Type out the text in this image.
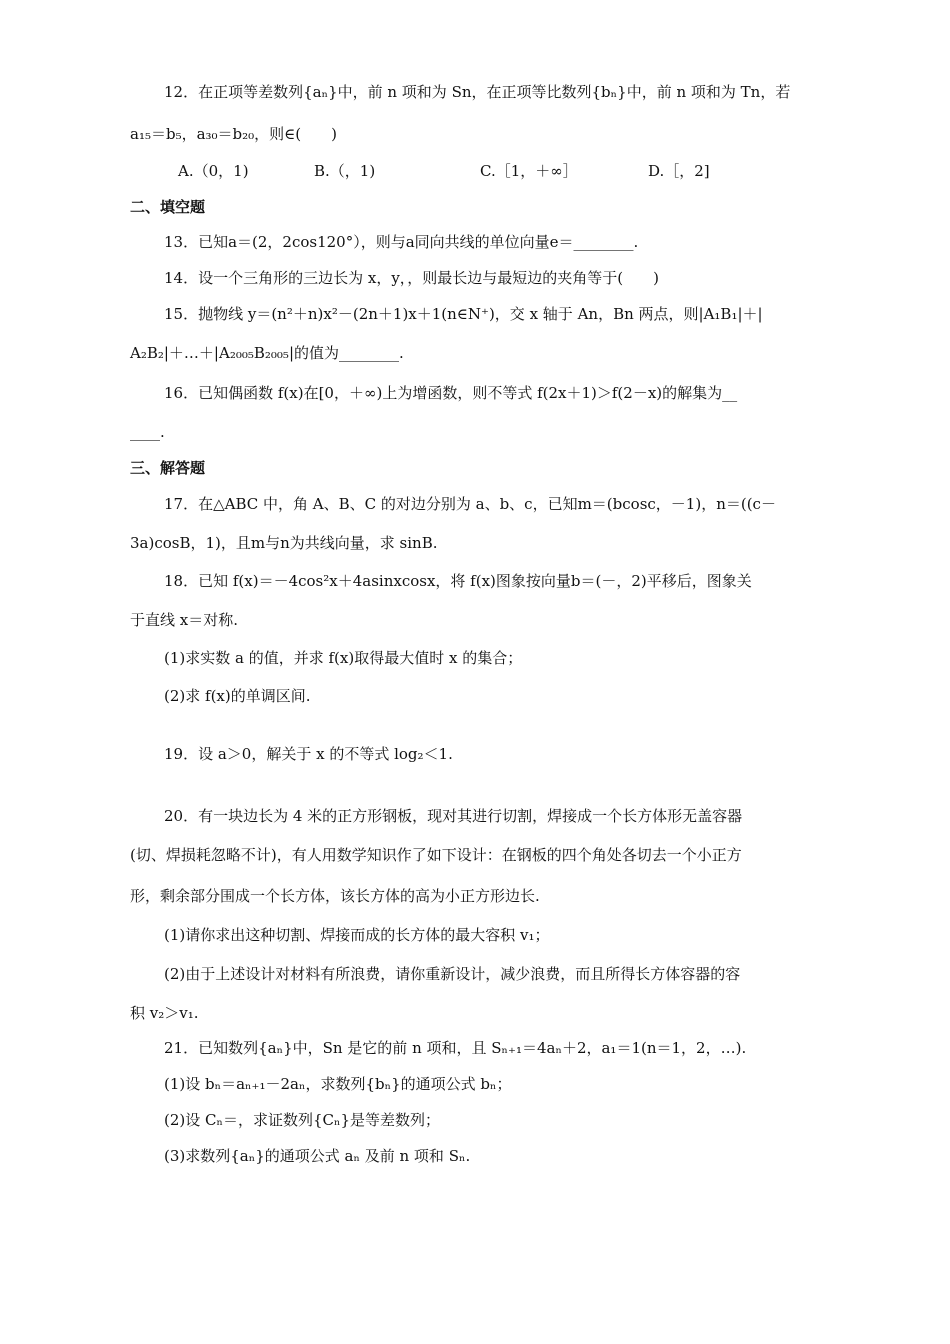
12．在正项等差数列{aₙ}中，前 n 项和为 Sn，在正项等比数列{bₙ}中，前 n 项和为 Tn，若
a₁₅＝b₅，a₃₀＝b₂₀，则∈(　　)
A.（0，1)	B.（，1)	C.［1，＋∞］	D.［，2]
二、填空题
13．已知a＝(2，2cos120°），则与a同向共线的单位向量e＝________.
14．设一个三角形的三边长为 x，y，，则最长边与最短边的夹角等于(　　)
15．抛物线 y＝(n²＋n)x²－(2n＋1)x＋1(n∈N⁺)，交 x 轴于 An，Bn 两点，则|A₁B₁|＋|
A₂B₂|＋…＋|A₂₀₀₅B₂₀₀₅|的值为________.
16．已知偶函数 f(x)在[0，＋∞)上为增函数，则不等式 f(2x＋1)＞f(2－x)的解集为__
____.
三、解答题
17．在△ABC 中，角 A、B、C 的对边分别为 a、b、c，已知m＝(bcosc，－1)，n＝((c－
3a)cosB，1)，且m与n为共线向量，求 sinB.
18．已知 f(x)＝－4cos²x＋4asinxcosx，将 f(x)图象按向量b＝(－，2)平移后，图象关
于直线 x＝对称.
(1)求实数 a 的值，并求 f(x)取得最大值时 x 的集合；
(2)求 f(x)的单调区间.
19．设 a＞0，解关于 x 的不等式 log₂＜1.
20．有一块边长为 4 米的正方形钢板，现对其进行切割，焊接成一个长方体形无盖容器
(切、焊损耗忽略不计)，有人用数学知识作了如下设计：在钢板的四个角处各切去一个小正方
形，剩余部分围成一个长方体，该长方体的高为小正方形边长.
(1)请你求出这种切割、焊接而成的长方体的最大容积 v₁；
(2)由于上述设计对材料有所浪费，请你重新设计，减少浪费，而且所得长方体容器的容
积 v₂＞v₁.
21．已知数列{aₙ}中，Sn 是它的前 n 项和，且 Sₙ₊₁＝4aₙ＋2，a₁＝1(n＝1，2，…).
(1)设 bₙ＝aₙ₊₁－2aₙ，求数列{bₙ}的通项公式 bₙ；
(2)设 Cₙ＝，求证数列{Cₙ}是等差数列；
(3)求数列{aₙ}的通项公式 aₙ 及前 n 项和 Sₙ.
